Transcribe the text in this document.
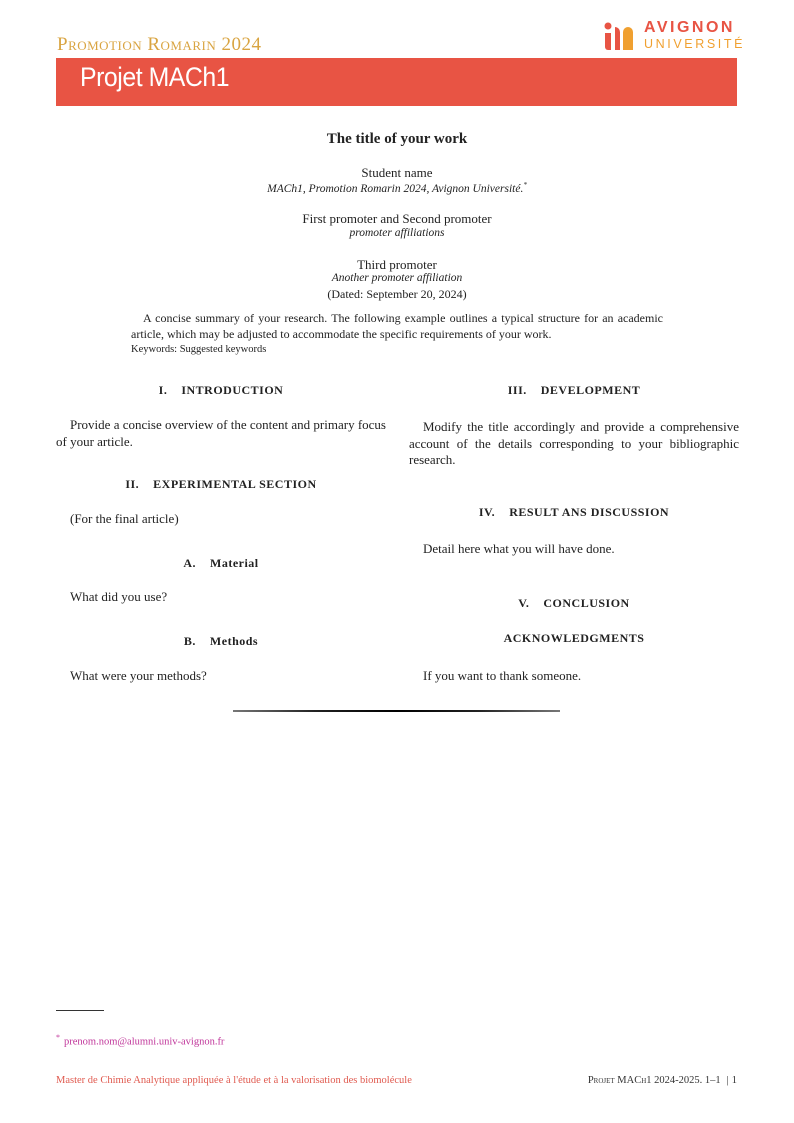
Promotion Romarin 2024
AVIGNON
UNIVERSITÉ
Projet MACh1
The title of your work
Student name
MACh1, Promotion Romarin 2024, Avignon Université.*
First promoter and Second promoter
promoter affiliations
Third promoter
Another promoter affiliation
(Dated: September 20, 2024)
A concise summary of your research. The following example outlines a typical structure for an academic article, which may be adjusted to accommodate the specific requirements of your work.
Keywords: Suggested keywords
I. INTRODUCTION
Provide a concise overview of the content and primary focus of your article.
II. EXPERIMENTAL SECTION
(For the final article)
A. Material
What did you use?
B. Methods
What were your methods?
III. DEVELOPMENT
Modify the title accordingly and provide a comprehensive account of the details corresponding to your bibliographic research.
IV. RESULT ANS DISCUSSION
Detail here what you will have done.
V. CONCLUSION
ACKNOWLEDGMENTS
If you want to thank someone.
* prenom.nom@alumni.univ-avignon.fr
Master de Chimie Analytique appliquée à l'étude et à la valorisation des biomolécule	Projet MACh1 2024-2025. 1–1 | 1
